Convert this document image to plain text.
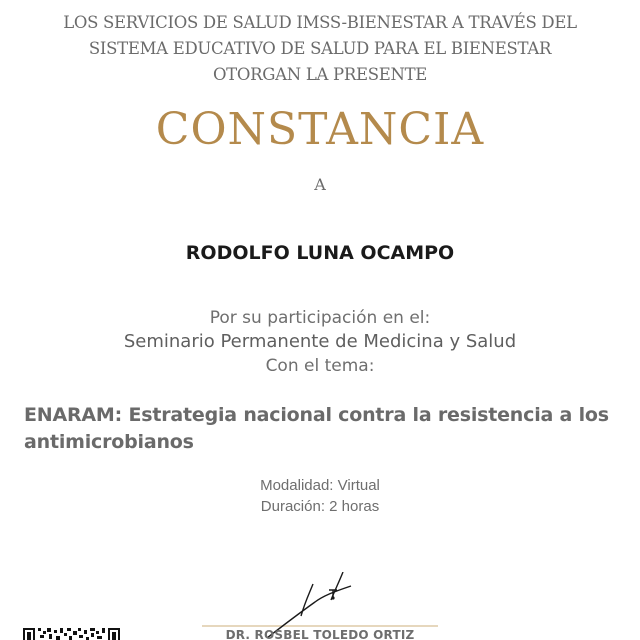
LOS SERVICIOS DE SALUD IMSS-BIENESTAR A TRAVÉS DEL
SISTEMA EDUCATIVO DE SALUD PARA EL BIENESTAR
OTORGAN LA PRESENTE
CONSTANCIA
A
RODOLFO LUNA OCAMPO
Por su participación en el:
Seminario Permanente de Medicina y Salud
Con el tema:
ENARAM: Estrategia nacional contra la resistencia a los antimicrobianos
Modalidad: Virtual
Duración: 2 horas
DR. ROSBEL TOLEDO ORTIZ
